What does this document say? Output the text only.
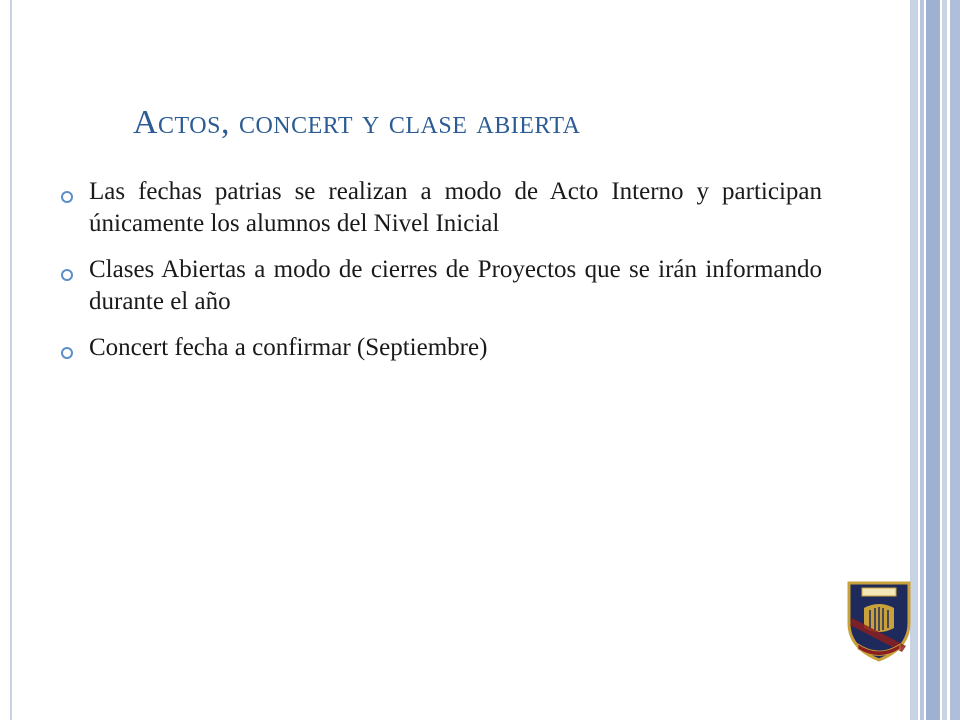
Actos, concert y clase abierta
Las fechas patrias se realizan a modo de Acto Interno y participan únicamente los alumnos del Nivel Inicial
Clases Abiertas a modo de cierres de Proyectos que se irán informando durante el año
Concert fecha a confirmar (Septiembre)
